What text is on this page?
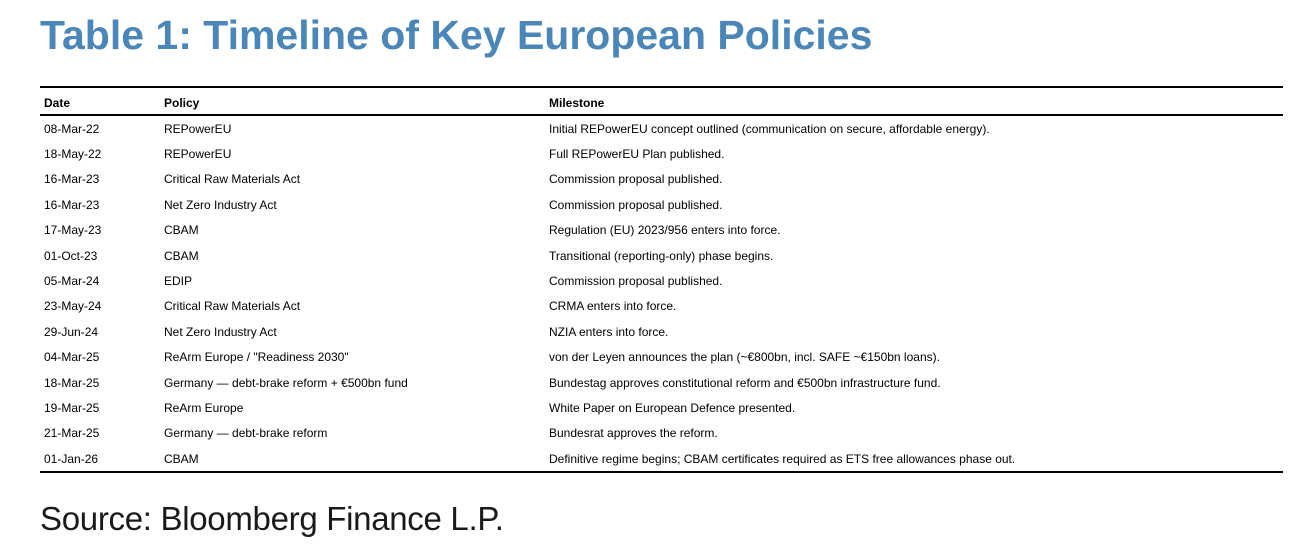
Table 1: Timeline of Key European Policies
Date	Policy	Milestone
08-Mar-22	REPowerEU	Initial REPowerEU concept outlined (communication on secure, affordable energy).
18-May-22	REPowerEU	Full REPowerEU Plan published.
16-Mar-23	Critical Raw Materials Act	Commission proposal published.
16-Mar-23	Net Zero Industry Act	Commission proposal published.
17-May-23	CBAM	Regulation (EU) 2023/956 enters into force.
01-Oct-23	CBAM	Transitional (reporting-only) phase begins.
05-Mar-24	EDIP	Commission proposal published.
23-May-24	Critical Raw Materials Act	CRMA enters into force.
29-Jun-24	Net Zero Industry Act	NZIA enters into force.
04-Mar-25	ReArm Europe / "Readiness 2030"	von der Leyen announces the plan (~€800bn, incl. SAFE ~€150bn loans).
18-Mar-25	Germany — debt-brake reform + €500bn fund	Bundestag approves constitutional reform and €500bn infrastructure fund.
19-Mar-25	ReArm Europe	White Paper on European Defence presented.
21-Mar-25	Germany — debt-brake reform	Bundesrat approves the reform.
01-Jan-26	CBAM	Definitive regime begins; CBAM certificates required as ETS free allowances phase out.

Source: Bloomberg Finance L.P.
